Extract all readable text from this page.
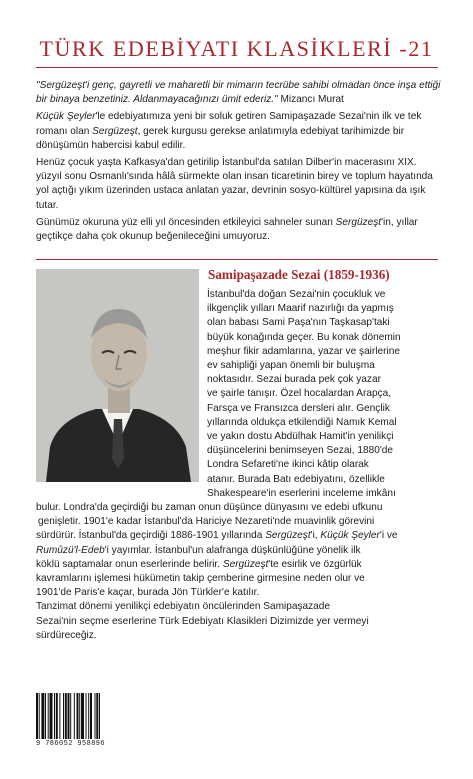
TÜRK EDEBİYATI KLASİKLERİ -21

"Sergüzeşt'i genç, gayretli ve maharetli bir mimarın tecrübe sahibi olmadan önce inşa ettiği bir binaya benzetiniz. Aldanmayacağınızı ümit ederiz." Mizancı Murat

Küçük Şeyler'le edebiyatımıza yeni bir soluk getiren Samipaşazade Sezai'nin ilk ve tek romanı olan Sergüzeşt, gerek kurgusu gerekse anlatımıyla edebiyat tarihimizde bir dönüşümün habercisi kabul edilir.

Henüz çocuk yaşta Kafkasya'dan getirilip İstanbul'da satılan Dilber'in macerasını XIX. yüzyıl sonu Osmanlı'sında hâlâ sürmekte olan insan ticaretinin birey ve toplum hayatında yol açtığı yıkım üzerinden ustaca anlatan yazar, devrinin sosyo-kültürel yapısına da ışık tutar.

Günümüz okuruna yüz elli yıl öncesinden etkileyici sahneler sunan Sergüzeşt'in, yıllar geçtikçe daha çok okunup beğenileceğini umuyoruz.

Samipaşazade Sezai (1859-1936)
İstanbul'da doğan Sezai'nin çocukluk ve
ilkgençlik yılları Maarif nazırlığı da yapmış
olan babası Sami Paşa'nın Taşkasap'taki
büyük konağında geçer. Bu konak dönemin
meşhur fikir adamlarına, yazar ve şairlerine
ev sahipliği yapan önemli bir buluşma
noktasıdır. Sezai burada pek çok yazar
ve şairle tanışır. Özel hocalardan Arapça,
Farsça ve Fransızca dersleri alır. Gençlik
yıllarında oldukça etkilendiği Namık Kemal
ve yakın dostu Abdülhak Hamit'in yenilikçi
düşüncelerini benimseyen Sezai, 1880'de
Londra Sefareti'ne ikinci kâtip olarak
atanır. Burada Batı edebiyatını, özellikle
Shakespeare'in eserlerini inceleme imkânı
bulur. Londra'da geçirdiği bu zaman onun düşünce dünyasını ve edebi ufkunu
genişletir. 1901'e kadar İstanbul'da Hariciye Nezareti'nde muavinlik görevini
sürdürür. İstanbul'da geçirdiği 1886-1901 yıllarında Sergüzeşt'i, Küçük Şeyler'i ve
Rumûzü'l-Edeb'i yayımlar. İstanbul'un alafranga düşkünlüğüne yönelik ilk
köklü saptamalar onun eserlerinde belirir. Sergüzeşt'te esirlik ve özgürlük
kavramlarını işlemesi hükümetin takip çemberine girmesine neden olur ve
1901'de Paris'e kaçar, burada Jön Türkler'e katılır.
Tanzimat dönemi yenilikçi edebiyatın öncülerinden Samipaşazade
Sezai'nin seçme eserlerine Türk Edebiyatı Klasikleri Dizimizde yer vermeyi
sürdüreceğiz.
9 786052 958896
